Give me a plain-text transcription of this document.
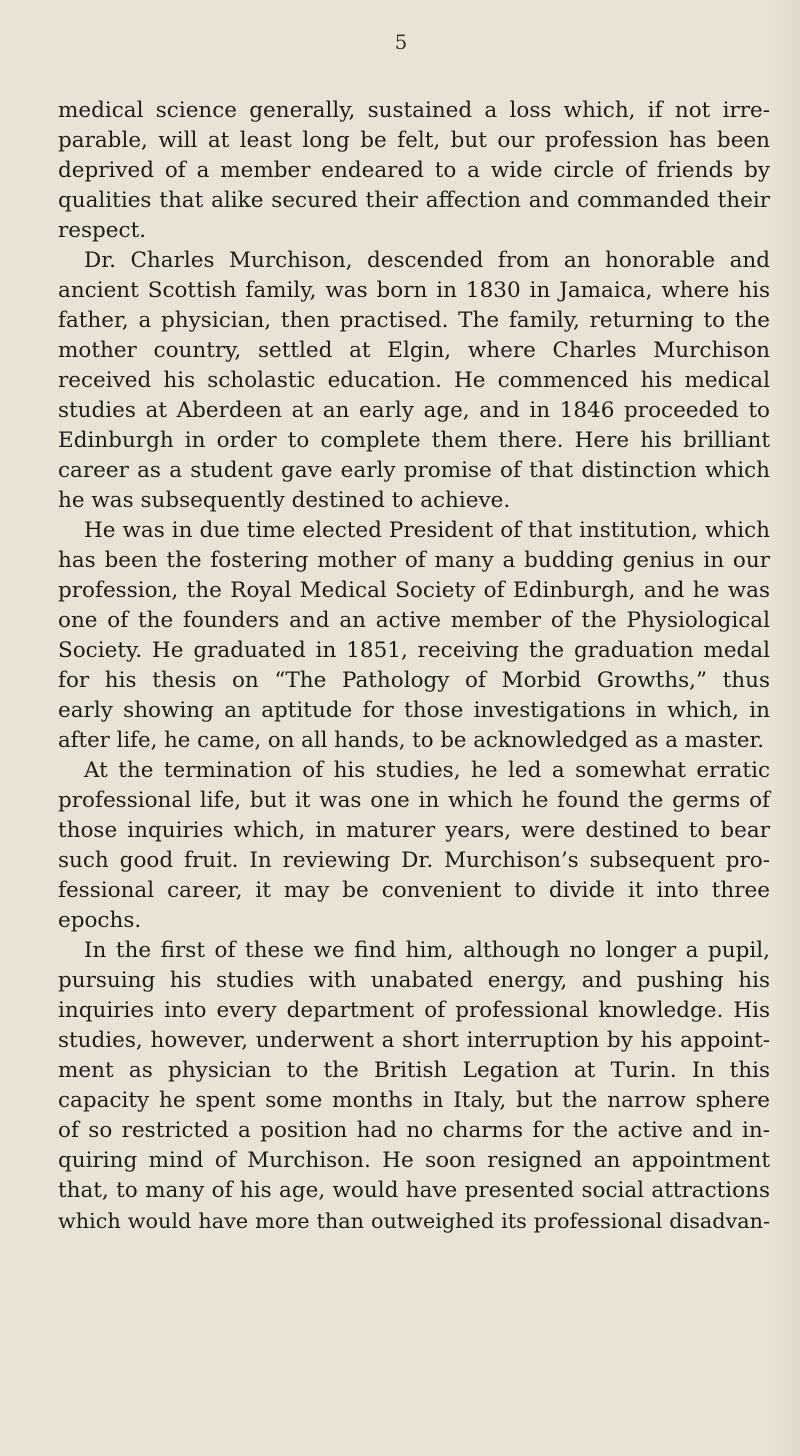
5
medical science generally, sustained a loss which, if not irre-
parable, will at least long be felt, but our profession has been
deprived of a member endeared to a wide circle of friends by
qualities that alike secured their affection and commanded their
respect.
Dr. Charles Murchison, descended from an honorable and
ancient Scottish family, was born in 1830 in Jamaica, where his
father, a physician, then practised. The family, returning to the
mother country, settled at Elgin, where Charles Murchison
received his scholastic education. He commenced his medical
studies at Aberdeen at an early age, and in 1846 proceeded to
Edinburgh in order to complete them there. Here his brilliant
career as a student gave early promise of that distinction which
he was subsequently destined to achieve.
He was in due time elected President of that institution, which
has been the fostering mother of many a budding genius in our
profession, the Royal Medical Society of Edinburgh, and he was
one of the founders and an active member of the Physiological
Society. He graduated in 1851, receiving the graduation medal
for his thesis on “The Pathology of Morbid Growths,” thus
early showing an aptitude for those investigations in which, in
after life, he came, on all hands, to be acknowledged as a master.
At the termination of his studies, he led a somewhat erratic
professional life, but it was one in which he found the germs of
those inquiries which, in maturer years, were destined to bear
such good fruit. In reviewing Dr. Murchison’s subsequent pro-
fessional career, it may be convenient to divide it into three
epochs.
In the first of these we find him, although no longer a pupil,
pursuing his studies with unabated energy, and pushing his
inquiries into every department of professional knowledge. His
studies, however, underwent a short interruption by his appoint-
ment as physician to the British Legation at Turin. In this
capacity he spent some months in Italy, but the narrow sphere
of so restricted a position had no charms for the active and in-
quiring mind of Murchison. He soon resigned an appointment
that, to many of his age, would have presented social attractions
which would have more than outweighed its professional disadvan-
